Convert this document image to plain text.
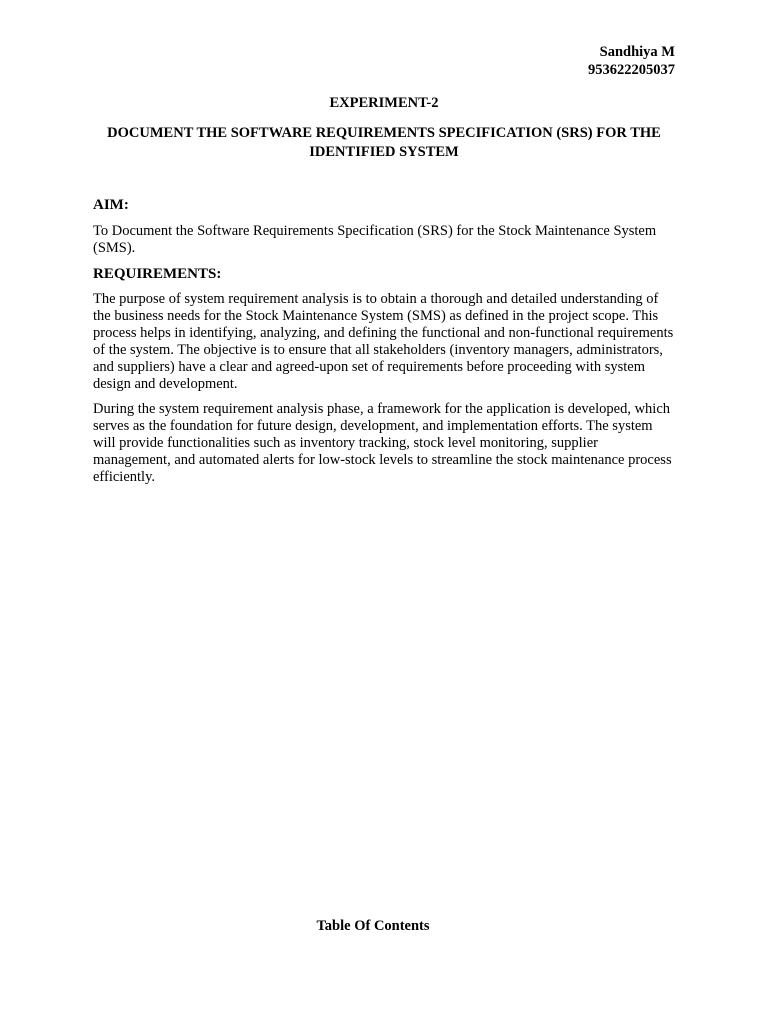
Sandhiya M
953622205037
EXPERIMENT-2
DOCUMENT THE SOFTWARE REQUIREMENTS SPECIFICATION (SRS) FOR THE IDENTIFIED SYSTEM

AIM:

To Document the Software Requirements Specification (SRS) for the Stock Maintenance System (SMS).

REQUIREMENTS:

The purpose of system requirement analysis is to obtain a thorough and detailed understanding of the business needs for the Stock Maintenance System (SMS) as defined in the project scope. This process helps in identifying, analyzing, and defining the functional and non-functional requirements of the system. The objective is to ensure that all stakeholders (inventory managers, administrators, and suppliers) have a clear and agreed-upon set of requirements before proceeding with system design and development.

During the system requirement analysis phase, a framework for the application is developed, which serves as the foundation for future design, development, and implementation efforts. The system will provide functionalities such as inventory tracking, stock level monitoring, supplier management, and automated alerts for low-stock levels to streamline the stock maintenance process efficiently.

Table Of Contents
